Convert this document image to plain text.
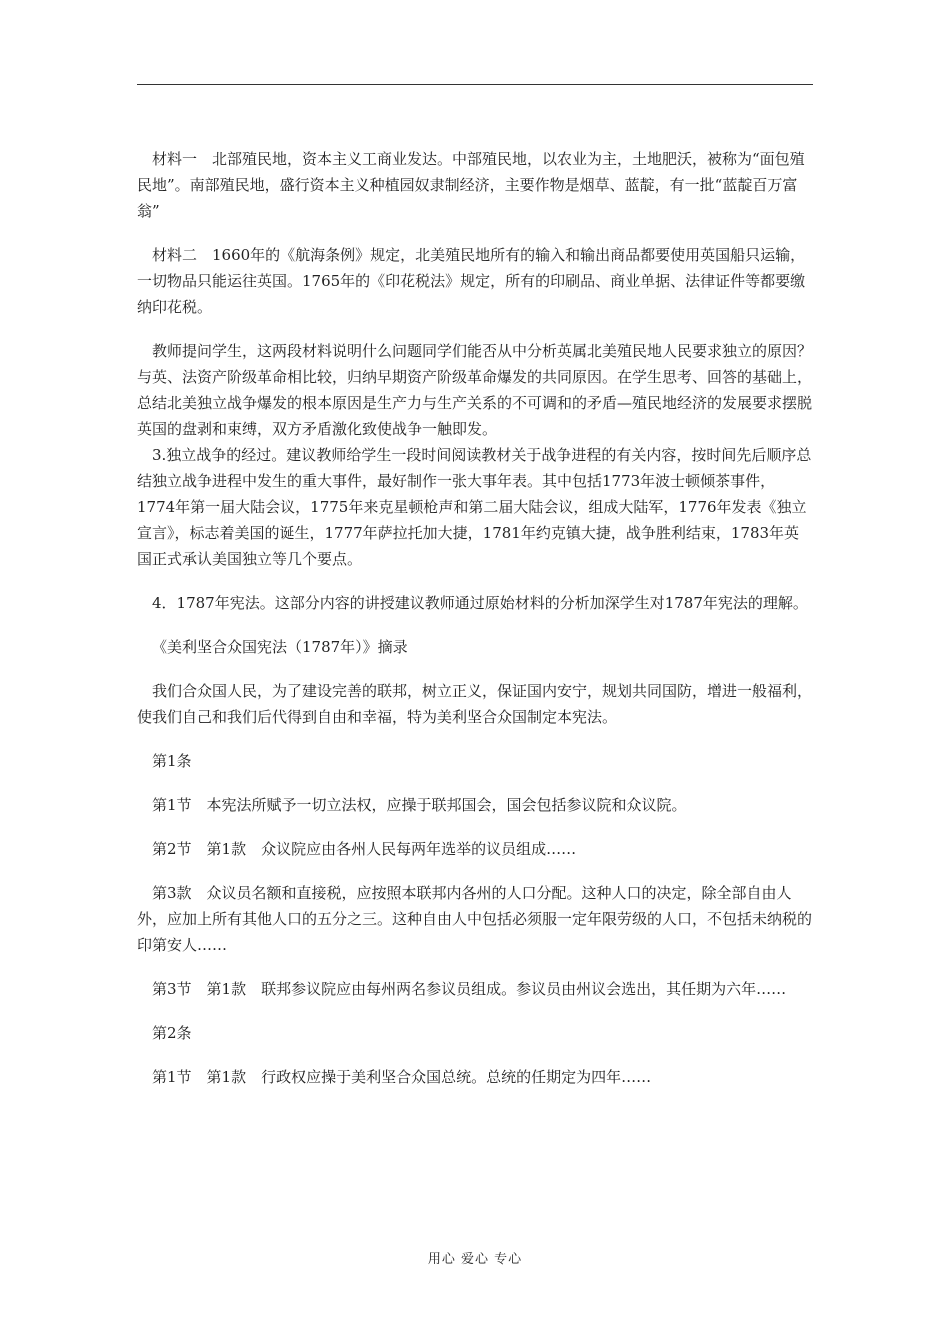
材料一　北部殖民地，资本主义工商业发达。中部殖民地，以农业为主，土地肥沃，被称为“面包殖民地”。南部殖民地，盛行资本主义种植园奴隶制经济，主要作物是烟草、蓝靛，有一批“蓝靛百万富翁”

材料二　1660年的《航海条例》规定，北美殖民地所有的输入和输出商品都要使用英国船只运输，一切物品只能运往英国。1765年的《印花税法》规定，所有的印刷品、商业单据、法律证件等都要缴纳印花税。

教师提问学生，这两段材料说明什么问题同学们能否从中分析英属北美殖民地人民要求独立的原因？与英、法资产阶级革命相比较，归纳早期资产阶级革命爆发的共同原因。在学生思考、回答的基础上，总结北美独立战争爆发的根本原因是生产力与生产关系的不可调和的矛盾—殖民地经济的发展要求摆脱英国的盘剥和束缚，双方矛盾激化致使战争一触即发。

3.独立战争的经过。建议教师给学生一段时间阅读教材关于战争进程的有关内容，按时间先后顺序总结独立战争进程中发生的重大事件，最好制作一张大事年表。其中包括1773年波士顿倾茶事件，1774年第一届大陆会议，1775年来克星顿枪声和第二届大陆会议，组成大陆军，1776年发表《独立宣言》，标志着美国的诞生，1777年萨拉托加大捷，1781年约克镇大捷，战争胜利结束，1783年英国正式承认美国独立等几个要点。

4．1787年宪法。这部分内容的讲授建议教师通过原始材料的分析加深学生对1787年宪法的理解。

《美利坚合众国宪法（1787年）》摘录

我们合众国人民，为了建设完善的联邦，树立正义，保证国内安宁，规划共同国防，增进一般福利，使我们自己和我们后代得到自由和幸福，特为美利坚合众国制定本宪法。

第1条

第1节　本宪法所赋予一切立法权，应操于联邦国会，国会包括参议院和众议院。

第2节　第1款　众议院应由各州人民每两年选举的议员组成……

第3款　众议员名额和直接税，应按照本联邦内各州的人口分配。这种人口的决定，除全部自由人外，应加上所有其他人口的五分之三。这种自由人中包括必须服一定年限劳级的人口，不包括未纳税的印第安人……

第3节　第1款　联邦参议院应由每州两名参议员组成。参议员由州议会选出，其任期为六年……

第2条

第1节　第1款　行政权应操于美利坚合众国总统。总统的任期定为四年……

用心 爱心 专心
